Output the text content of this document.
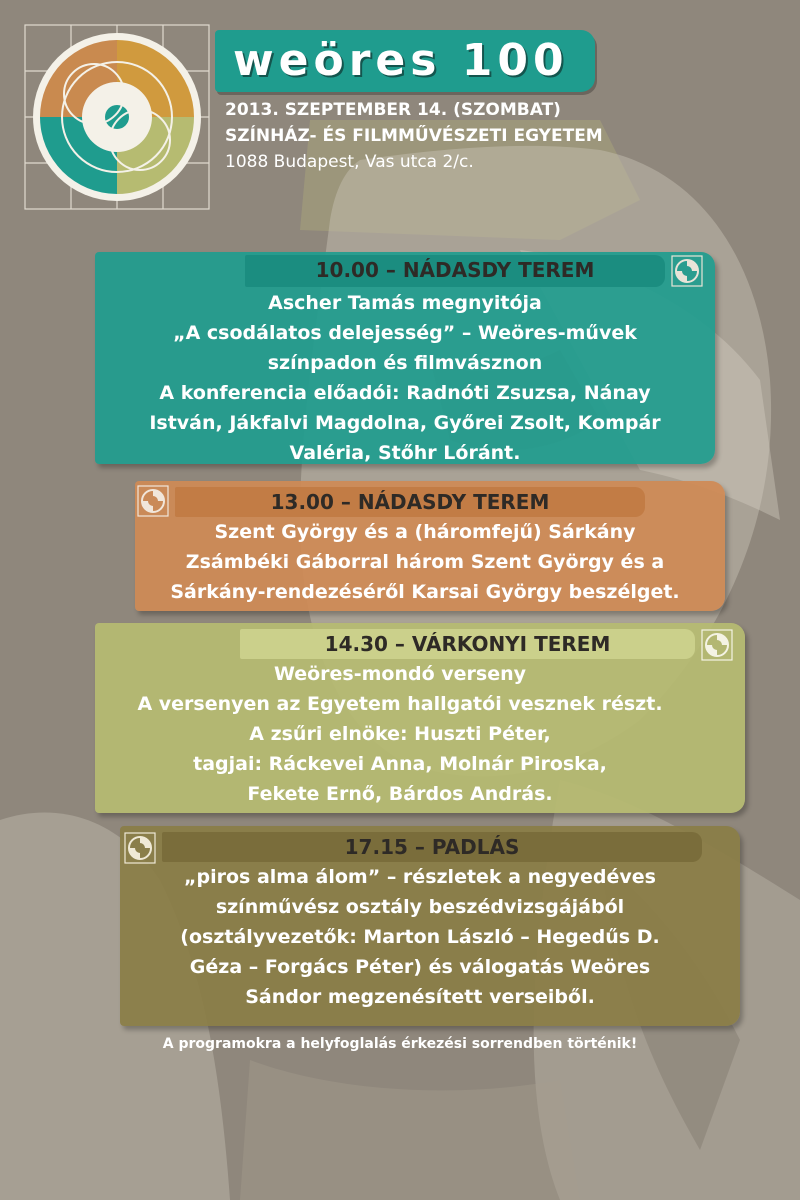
weöres 100
2013. SZEPTEMBER 14. (SZOMBAT)
SZÍNHÁZ- ÉS FILMMŰVÉSZETI EGYETEM
1088 Budapest, Vas utca 2/c.
10.00 – NÁDASDY TEREM
Ascher Tamás megnyitója
„A csodálatos delejesség” – Weöres-művek
színpadon és filmvásznon
A konferencia előadói: Radnóti Zsuzsa, Nánay
István, Jákfalvi Magdolna, Győrei Zsolt, Kompár
Valéria, Stőhr Lóránt.
13.00 – NÁDASDY TEREM
Szent György és a (háromfejű) Sárkány
Zsámbéki Gáborral három Szent György és a
Sárkány-rendezéséről Karsai György beszélget.
14.30 – VÁRKONYI TEREM
Weöres-mondó verseny
A versenyen az Egyetem hallgatói vesznek részt.
A zsűri elnöke: Huszti Péter,
tagjai: Ráckevei Anna, Molnár Piroska,
Fekete Ernő, Bárdos András.
17.15 – PADLÁS
„piros alma álom” – részletek a negyedéves
színművész osztály beszédvizsgájából
(osztályvezetők: Marton László – Hegedűs D.
Géza – Forgács Péter) és válogatás Weöres
Sándor megzenésített verseiből.
A programokra a helyfoglalás érkezési sorrendben történik!
